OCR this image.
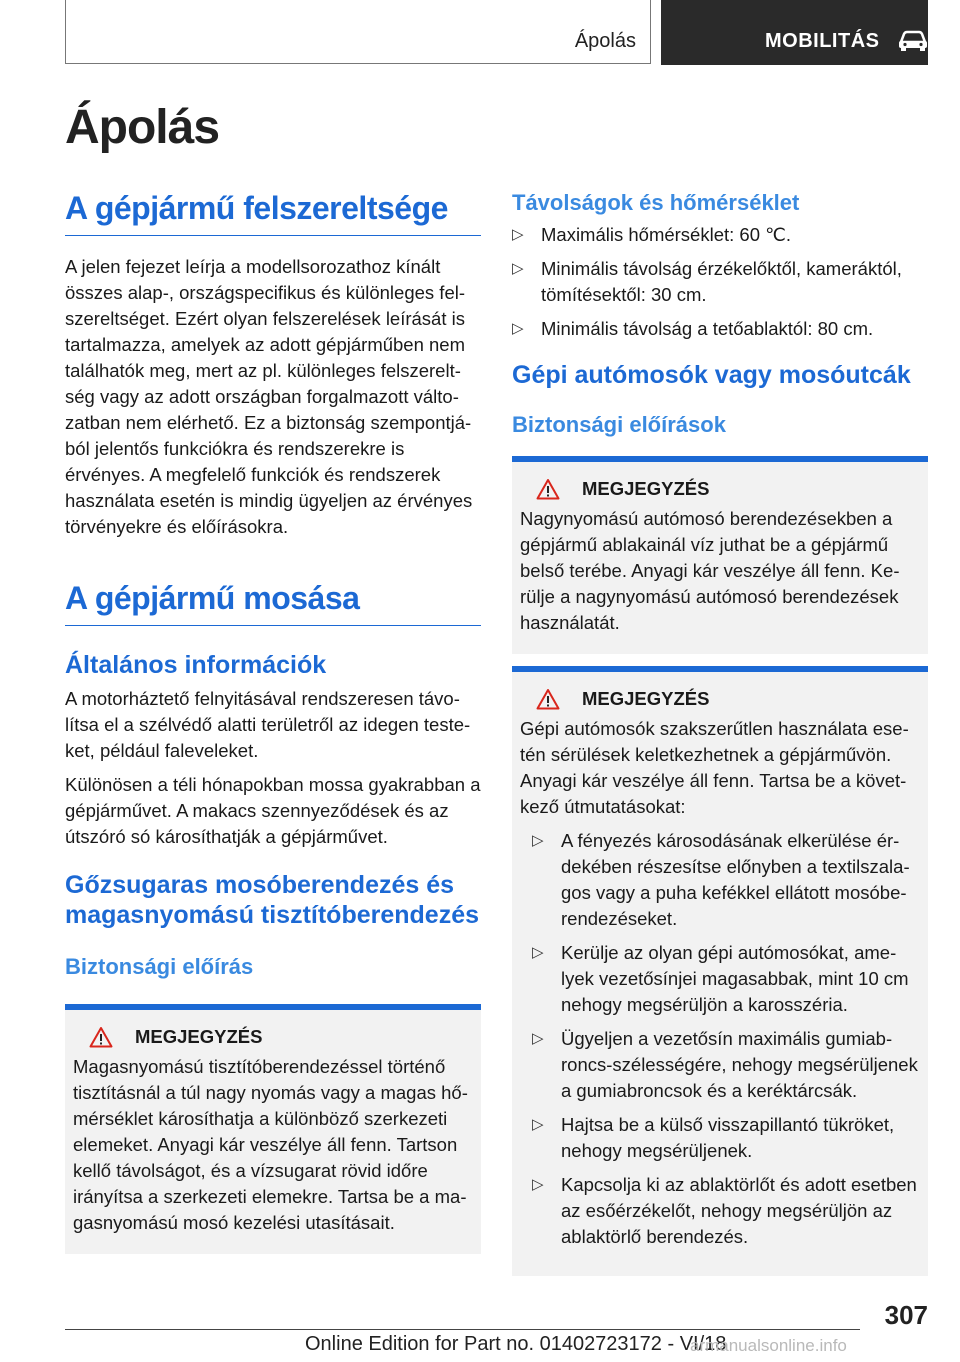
Ápolás	MOBILITÁS
Ápolás
A gépjármű felszereltsége

A jelen fejezet leírja a modellsorozathoz kínált összes alap-, országspecifikus és különleges felszereltséget. Ezért olyan felszerelések leírását is tartalmazza, amelyek az adott gépjárműben nem találhatók meg, mert az pl. különleges felszereltség vagy az adott országban forgalmazott változatban nem elérhető. Ez a biztonság szempontjából jelentős funkciókra és rendszerekre is érvényes. A megfelelő funkciók és rendszerek használata esetén is mindig ügyeljen az érvényes törvényekre és előírásokra.

A gépjármű mosása
Általános információk

A motorháztető felnyitásával rendszeresen távolítsa el a szélvédő alatti területről az idegen testeket, például faleveleket.

Különösen a téli hónapokban mossa gyakrabban a gépjárművet. A makacs szennyeződések és az útszóró só károsíthatják a gépjárművet.

Gőzsugaras mosóberendezés és magasnyomású tisztítóberendezés
Biztonsági előírás
MEGJEGYZÉS

Magasnyomású tisztítóberendezéssel történő tisztításnál a túl nagy nyomás vagy a magas hőmérséklet károsíthatja a különböző szerkezeti elemeket. Anyagi kár veszélye áll fenn. Tartson kellő távolságot, és a vízsugarat rövid időre irányítsa a szerkezeti elemekre. Tartsa be a magasnyomású mosó kezelési utasításait.

Távolságok és hőmérséklet
▷ Maximális hőmérséklet: 60 ℃.
▷ Minimális távolság érzékelőktől, kameráktól, tömítésektől: 30 cm.
▷ Minimális távolság a tetőablaktól: 80 cm.
Gépi autómosók vagy mosóutcák
Biztonsági előírások
MEGJEGYZÉS

Nagynyomású autómosó berendezésekben a gépjármű ablakainál víz juthat be a gépjármű belső terébe. Anyagi kár veszélye áll fenn. Kerülje a nagynyomású autómosó berendezések használatát.

MEGJEGYZÉS

Gépi autómosók szakszerűtlen használata esetén sérülések keletkezhetnek a gépjárművön. Anyagi kár veszélye áll fenn. Tartsa be a következő útmutatásokat:

▷ A fényezés károsodásának elkerülése érdekében részesítse előnyben a textilszalagos vagy a puha kefékkel ellátott mosóberendezéseket.
▷ Kerülje az olyan gépi autómosókat, amelyek vezetősínjei magasabbak, mint 10 cm nehogy megsérüljön a karosszéria.
▷ Ügyeljen a vezetősín maximális gumiabroncs-szélességére, nehogy megsérüljenek a gumiabroncsok és a keréktárcsák.
▷ Hajtsa be a külső visszapillantó tükröket, nehogy megsérüljenek.
▷ Kapcsolja ki az ablaktörlőt és adott esetben az esőérzékelőt, nehogy megsérüljön az ablaktörlő berendezés.
307
Online Edition for Part no. 01402723172 - VI/18
armanualsonline.info
